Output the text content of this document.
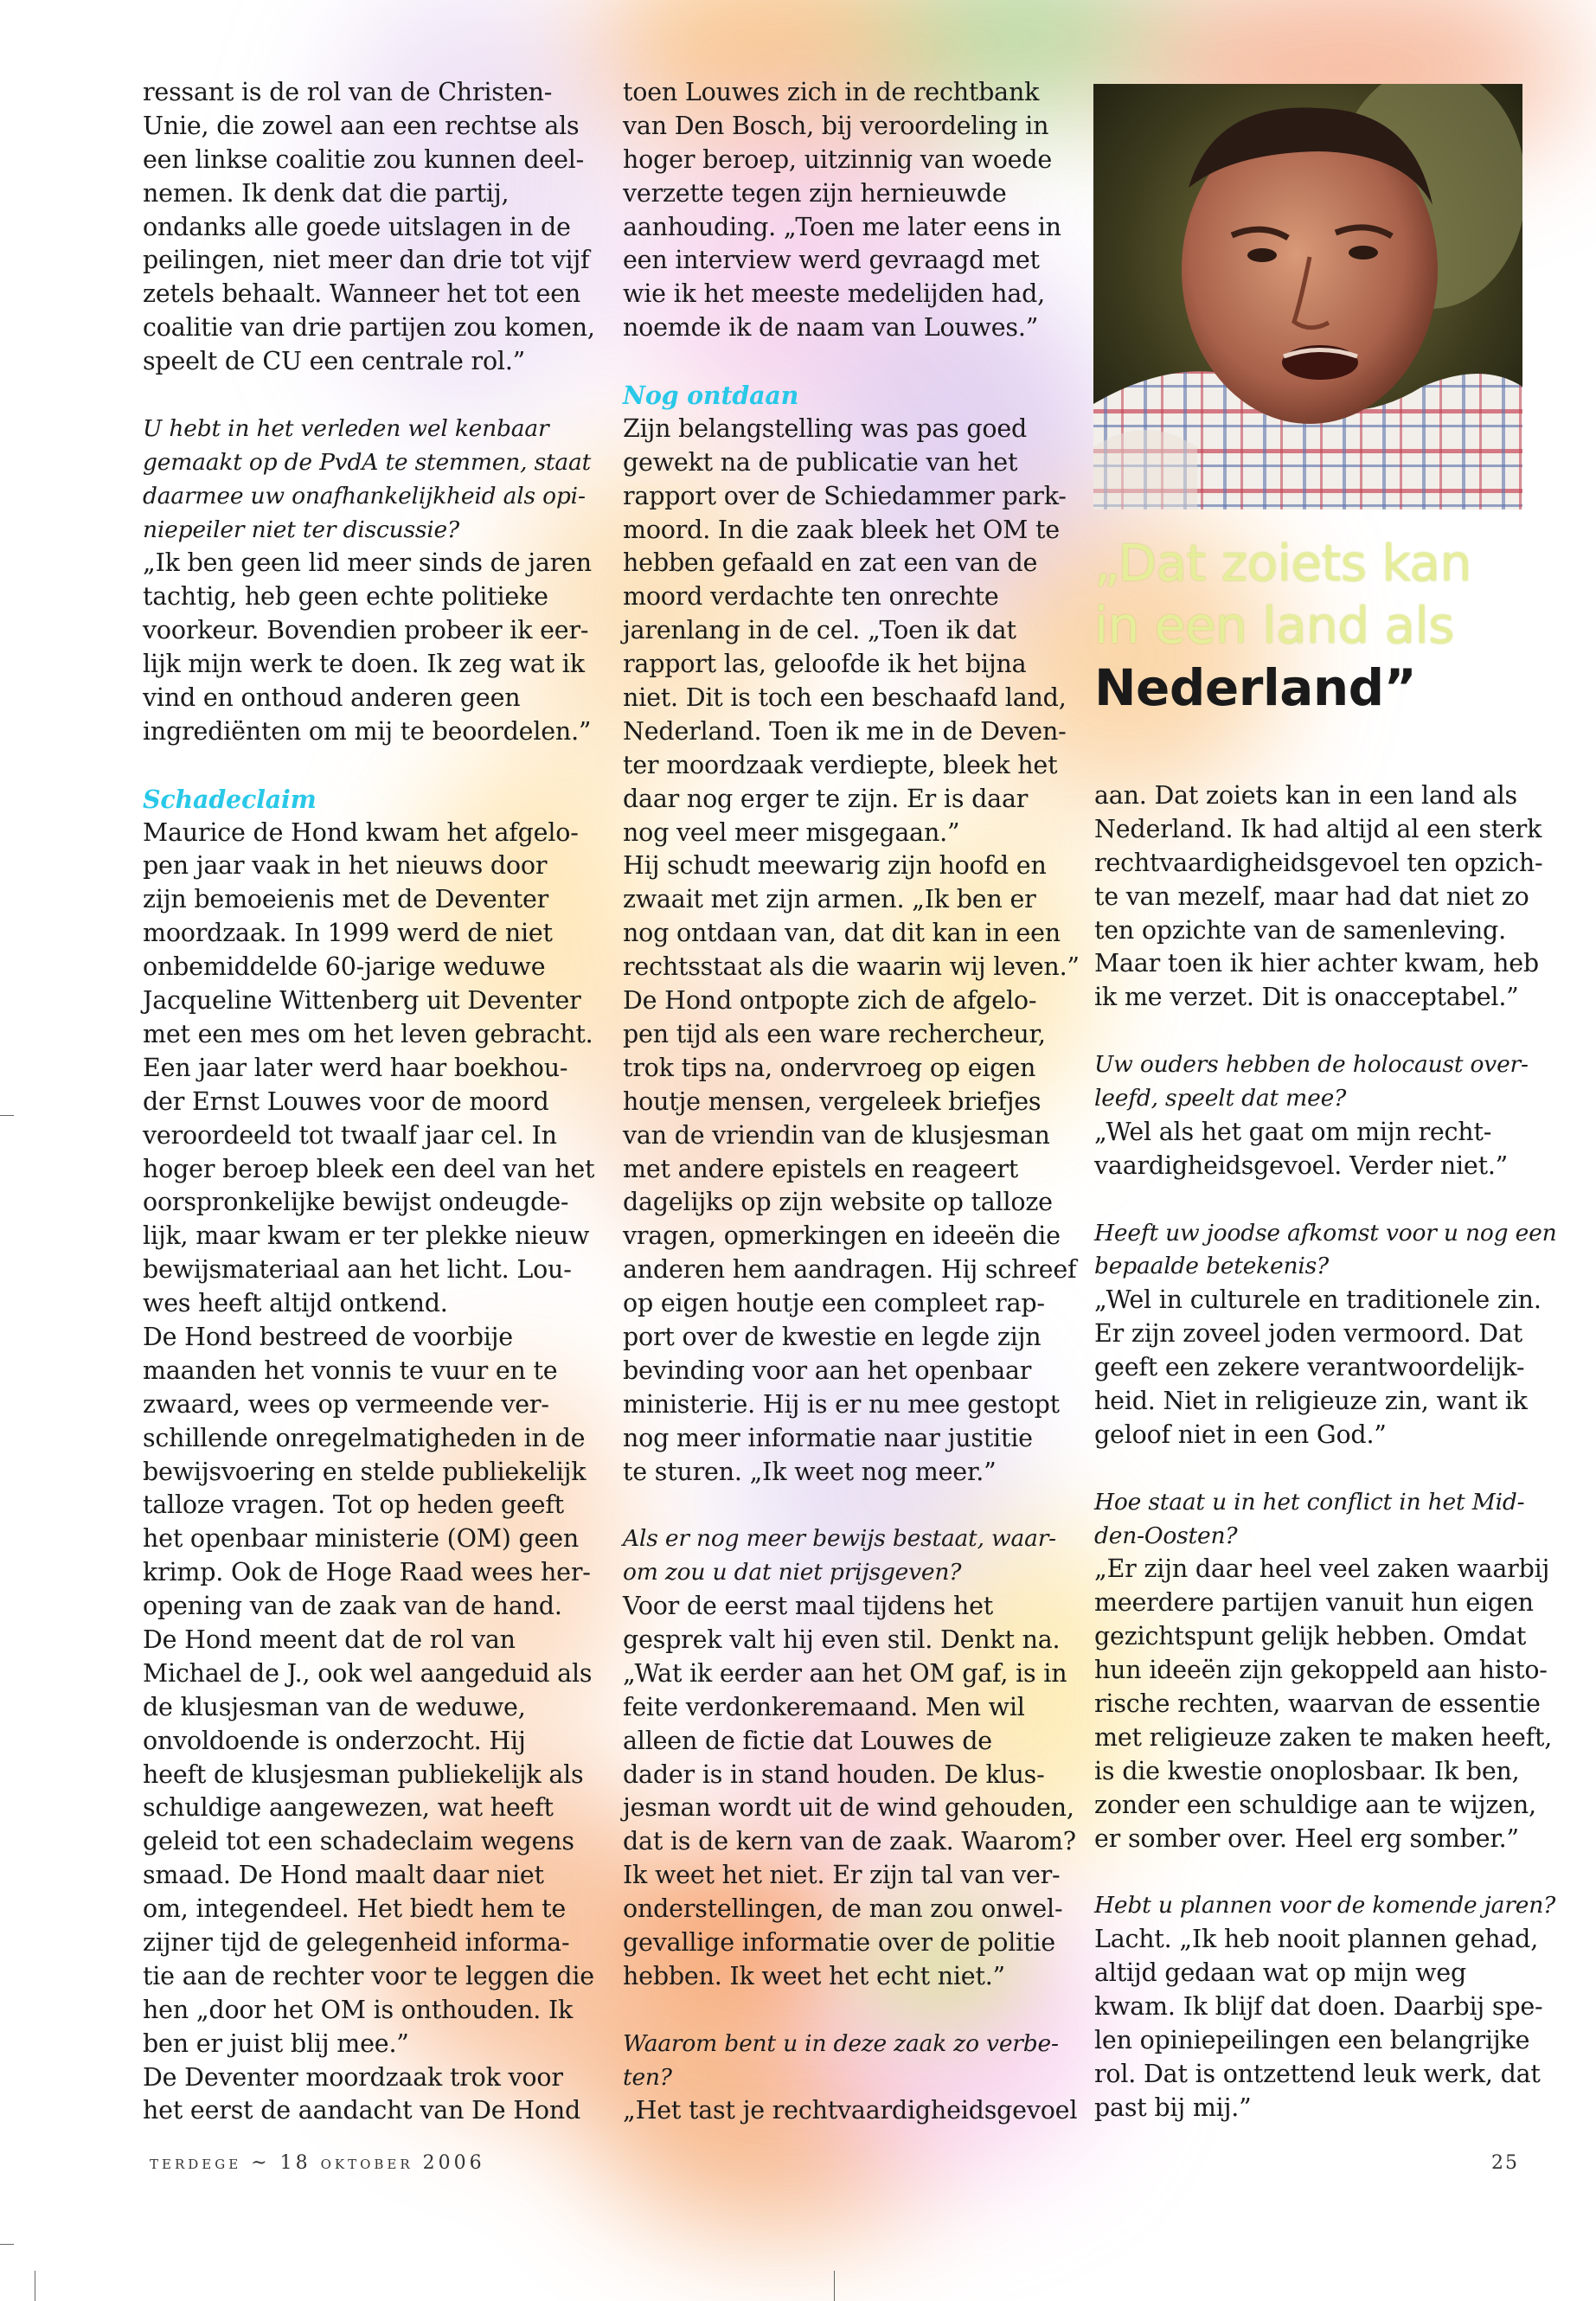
ressant is de rol van de Christen-
Unie, die zowel aan een rechtse als
een linkse coalitie zou kunnen deel-
nemen. Ik denk dat die partij,
ondanks alle goede uitslagen in de
peilingen, niet meer dan drie tot vijf
zetels behaalt. Wanneer het tot een
coalitie van drie partijen zou komen,
speelt de CU een centrale rol.”
U hebt in het verleden wel kenbaar
gemaakt op de PvdA te stemmen, staat
daarmee uw onafhankelijkheid als opi-
niepeiler niet ter discussie?
„Ik ben geen lid meer sinds de jaren
tachtig, heb geen echte politieke
voorkeur. Bovendien probeer ik eer-
lijk mijn werk te doen. Ik zeg wat ik
vind en onthoud anderen geen
ingrediënten om mij te beoordelen.”
Schadeclaim
Maurice de Hond kwam het afgelo-
pen jaar vaak in het nieuws door
zijn bemoeienis met de Deventer
moordzaak. In 1999 werd de niet
onbemiddelde 60-jarige weduwe
Jacqueline Wittenberg uit Deventer
met een mes om het leven gebracht.
Een jaar later werd haar boekhou-
der Ernst Louwes voor de moord
veroordeeld tot twaalf jaar cel. In
hoger beroep bleek een deel van het
oorspronkelijke bewijst ondeugde-
lijk, maar kwam er ter plekke nieuw
bewijsmateriaal aan het licht. Lou-
wes heeft altijd ontkend.
De Hond bestreed de voorbije
maanden het vonnis te vuur en te
zwaard, wees op vermeende ver-
schillende onregelmatigheden in de
bewijsvoering en stelde publiekelijk
talloze vragen. Tot op heden geeft
het openbaar ministerie (OM) geen
krimp. Ook de Hoge Raad wees her-
opening van de zaak van de hand.
De Hond meent dat de rol van
Michael de J., ook wel aangeduid als
de klusjesman van de weduwe,
onvoldoende is onderzocht. Hij
heeft de klusjesman publiekelijk als
schuldige aangewezen, wat heeft
geleid tot een schadeclaim wegens
smaad. De Hond maalt daar niet
om, integendeel. Het biedt hem te
zijner tijd de gelegenheid informa-
tie aan de rechter voor te leggen die
hen „door het OM is onthouden. Ik
ben er juist blij mee.”
De Deventer moordzaak trok voor
het eerst de aandacht van De Hond
toen Louwes zich in de rechtbank
van Den Bosch, bij veroordeling in
hoger beroep, uitzinnig van woede
verzette tegen zijn hernieuwde
aanhouding. „Toen me later eens in
een interview werd gevraagd met
wie ik het meeste medelijden had,
noemde ik de naam van Louwes.”
Nog ontdaan
Zijn belangstelling was pas goed
gewekt na de publicatie van het
rapport over de Schiedammer park-
moord. In die zaak bleek het OM te
hebben gefaald en zat een van de
moord verdachte ten onrechte
jarenlang in de cel. „Toen ik dat
rapport las, geloofde ik het bijna
niet. Dit is toch een beschaafd land,
Nederland. Toen ik me in de Deven-
ter moordzaak verdiepte, bleek het
daar nog erger te zijn. Er is daar
nog veel meer misgegaan.”
Hij schudt meewarig zijn hoofd en
zwaait met zijn armen. „Ik ben er
nog ontdaan van, dat dit kan in een
rechtsstaat als die waarin wij leven.”
De Hond ontpopte zich de afgelo-
pen tijd als een ware rechercheur,
trok tips na, ondervroeg op eigen
houtje mensen, vergeleek briefjes
van de vriendin van de klusjesman
met andere epistels en reageert
dagelijks op zijn website op talloze
vragen, opmerkingen en ideeën die
anderen hem aandragen. Hij schreef
op eigen houtje een compleet rap-
port over de kwestie en legde zijn
bevinding voor aan het openbaar
ministerie. Hij is er nu mee gestopt
nog meer informatie naar justitie
te sturen. „Ik weet nog meer.”
Als er nog meer bewijs bestaat, waar-
om zou u dat niet prijsgeven?
Voor de eerst maal tijdens het
gesprek valt hij even stil. Denkt na.
„Wat ik eerder aan het OM gaf, is in
feite verdonkeremaand. Men wil
alleen de fictie dat Louwes de
dader is in stand houden. De klus-
jesman wordt uit de wind gehouden,
dat is de kern van de zaak. Waarom?
Ik weet het niet. Er zijn tal van ver-
onderstellingen, de man zou onwel-
gevallige informatie over de politie
hebben. Ik weet het echt niet.”
Waarom bent u in deze zaak zo verbe-
ten?
„Het tast je rechtvaardigheidsgevoel
„Dat zoiets kan
in een land als
Nederland”
aan. Dat zoiets kan in een land als
Nederland. Ik had altijd al een sterk
rechtvaardigheidsgevoel ten opzich-
te van mezelf, maar had dat niet zo
ten opzichte van de samenleving.
Maar toen ik hier achter kwam, heb
ik me verzet. Dit is onacceptabel.”
Uw ouders hebben de holocaust over-
leefd, speelt dat mee?
„Wel als het gaat om mijn recht-
vaardigheidsgevoel. Verder niet.”
Heeft uw joodse afkomst voor u nog een
bepaalde betekenis?
„Wel in culturele en traditionele zin.
Er zijn zoveel joden vermoord. Dat
geeft een zekere verantwoordelijk-
heid. Niet in religieuze zin, want ik
geloof niet in een God.”
Hoe staat u in het conflict in het Mid-
den-Oosten?
„Er zijn daar heel veel zaken waarbij
meerdere partijen vanuit hun eigen
gezichtspunt gelijk hebben. Omdat
hun ideeën zijn gekoppeld aan histo-
rische rechten, waarvan de essentie
met religieuze zaken te maken heeft,
is die kwestie onoplosbaar. Ik ben,
zonder een schuldige aan te wijzen,
er somber over. Heel erg somber.”
Hebt u plannen voor de komende jaren?
Lacht. „Ik heb nooit plannen gehad,
altijd gedaan wat op mijn weg
kwam. Ik blijf dat doen. Daarbij spe-
len opiniepeilingen een belangrijke
rol. Dat is ontzettend leuk werk, dat
past bij mij.”
terdege ~ 18 oktober 2006	25
